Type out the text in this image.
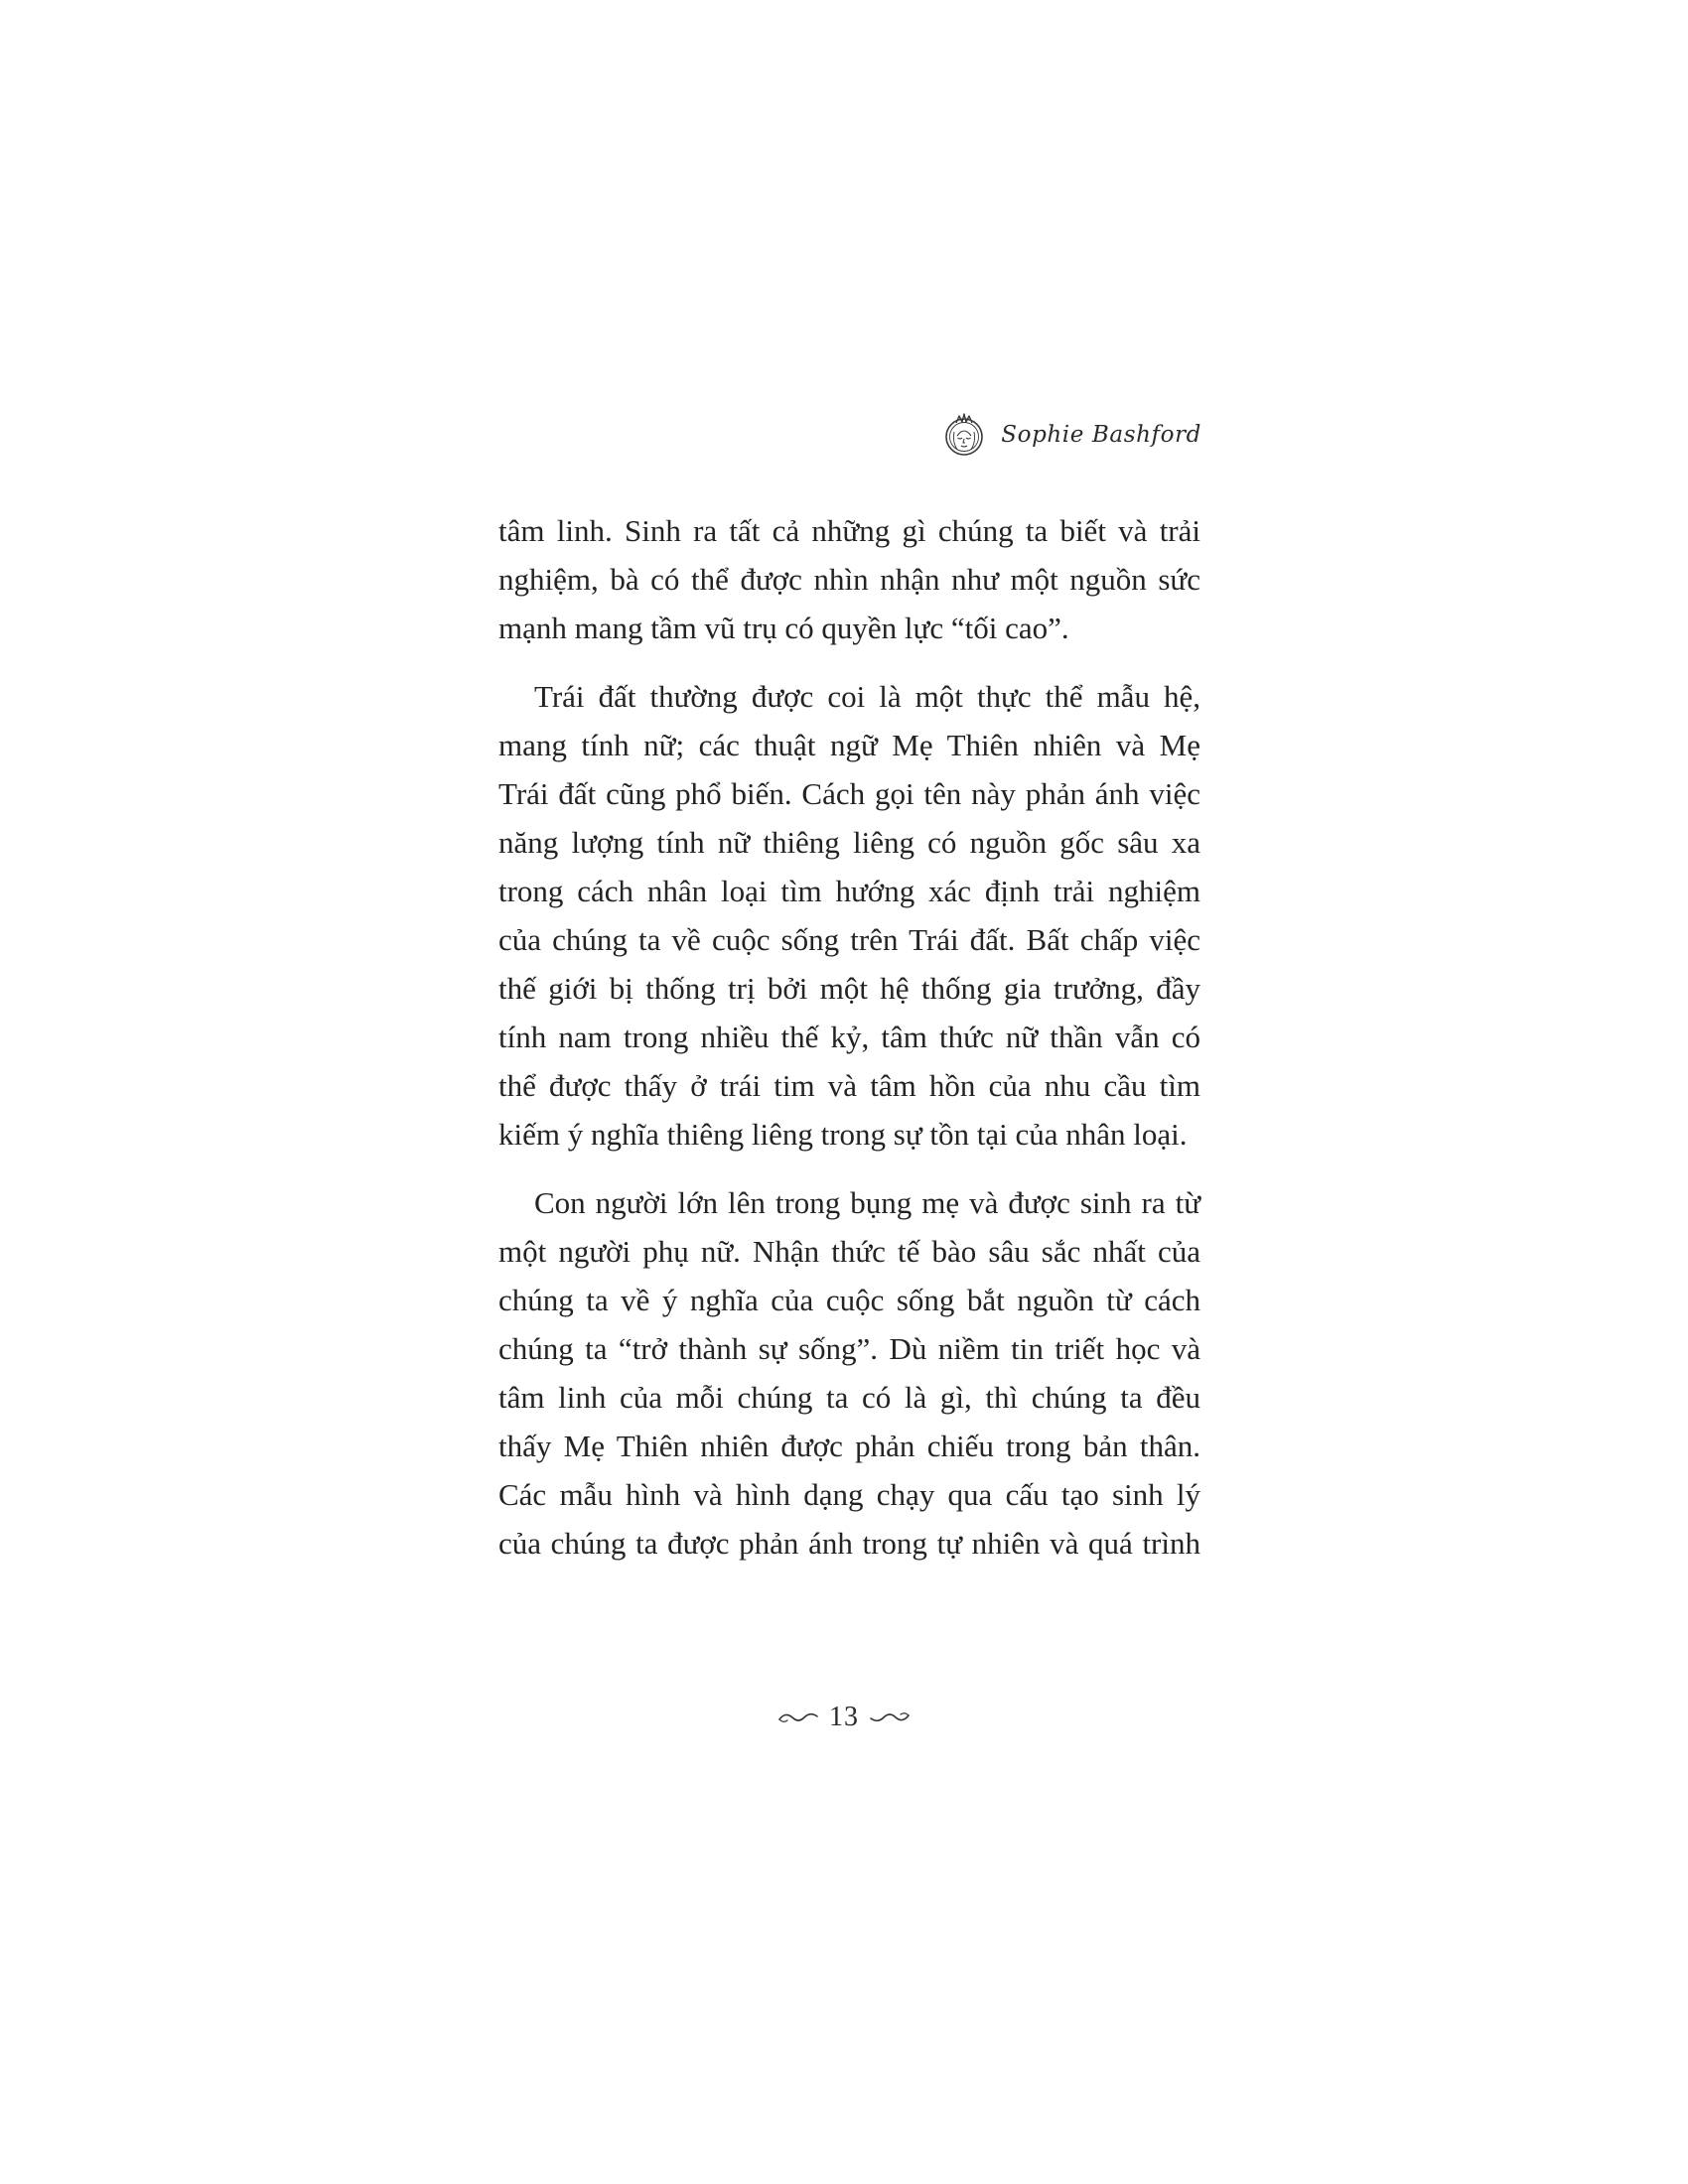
Sophie Bashford

tâm linh. Sinh ra tất cả những gì chúng ta biết và trải
nghiệm, bà có thể được nhìn nhận như một nguồn sức
mạnh mang tầm vũ trụ có quyền lực “tối cao”.

Trái đất thường được coi là một thực thể mẫu hệ,
mang tính nữ; các thuật ngữ Mẹ Thiên nhiên và Mẹ
Trái đất cũng phổ biến. Cách gọi tên này phản ánh việc
năng lượng tính nữ thiêng liêng có nguồn gốc sâu xa
trong cách nhân loại tìm hướng xác định trải nghiệm
của chúng ta về cuộc sống trên Trái đất. Bất chấp việc
thế giới bị thống trị bởi một hệ thống gia trưởng, đầy
tính nam trong nhiều thế kỷ, tâm thức nữ thần vẫn có
thể được thấy ở trái tim và tâm hồn của nhu cầu tìm
kiếm ý nghĩa thiêng liêng trong sự tồn tại của nhân loại.

Con người lớn lên trong bụng mẹ và được sinh ra từ
một người phụ nữ. Nhận thức tế bào sâu sắc nhất của
chúng ta về ý nghĩa của cuộc sống bắt nguồn từ cách
chúng ta “trở thành sự sống”. Dù niềm tin triết học và
tâm linh của mỗi chúng ta có là gì, thì chúng ta đều
thấy Mẹ Thiên nhiên được phản chiếu trong bản thân.
Các mẫu hình và hình dạng chạy qua cấu tạo sinh lý
của chúng ta được phản ánh trong tự nhiên và quá trình

13
